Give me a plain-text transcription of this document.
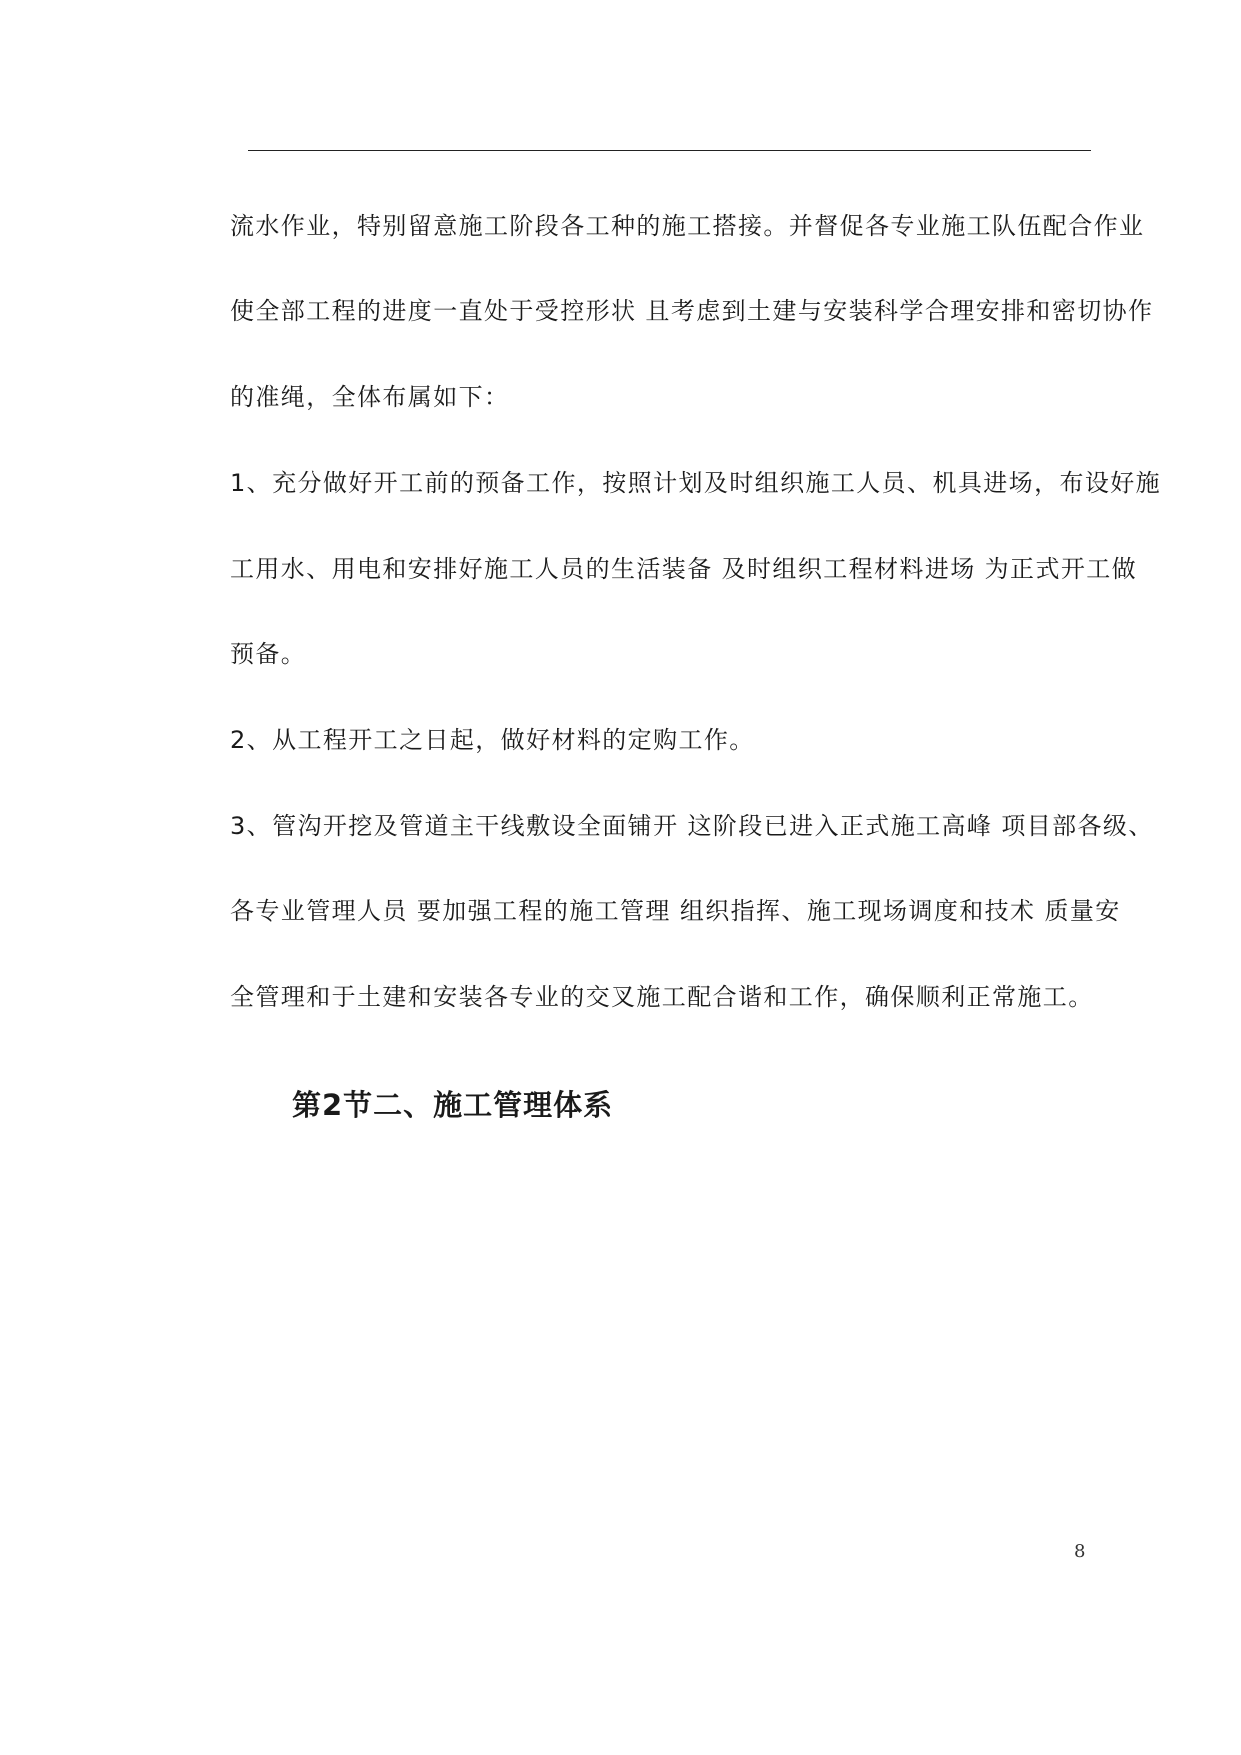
流水作业，特别留意施工阶段各工种的施工搭接。并督促各专业施工队伍配合作业
使全部工程的进度一直处于受控形状 且考虑到土建与安装科学合理安排和密切协作
的准绳，全体布属如下：
1、充分做好开工前的预备工作，按照计划及时组织施工人员、机具进场，布设好施
工用水、用电和安排好施工人员的生活装备 及时组织工程材料进场 为正式开工做
预备。
2、从工程开工之日起，做好材料的定购工作。
3、管沟开挖及管道主干线敷设全面铺开 这阶段已进入正式施工高峰 项目部各级、
各专业管理人员 要加强工程的施工管理 组织指挥、施工现场调度和技术 质量安
全管理和于土建和安装各专业的交叉施工配合谐和工作，确保顺利正常施工。
第2节二、施工管理体系
8
